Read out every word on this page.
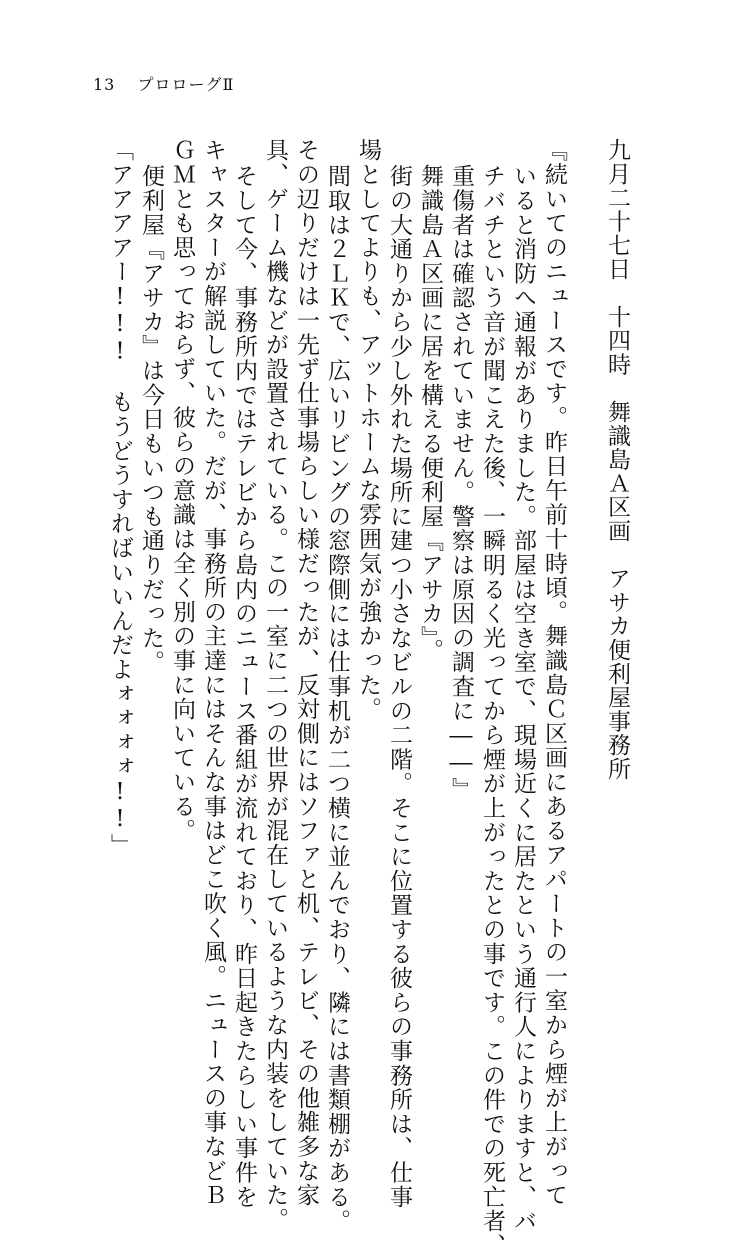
13 プロローグⅡ
九月二十七日　十四時　舞識島Ａ区画　アサカ便利屋事務所
『続いてのニュースです。昨日午前十時頃。舞識島Ｃ区画にあるアパートの一室から煙が上がって
いると消防へ通報がありました。部屋は空き室で、現場近くに居たという通行人によりますと、バ
チバチという音が聞こえた後、一瞬明るく光ってから煙が上がったとの事です。この件での死亡者、
重傷者は確認されていません。警察は原因の調査に――』
舞識島Ａ区画に居を構える便利屋『アサカ』。
街の大通りから少し外れた場所に建つ小さなビルの二階。そこに位置する彼らの事務所は、仕事
場としてよりも、アットホームな雰囲気が強かった。
間取は２ＬＫで、広いリビングの窓際側には仕事机が二つ横に並んでおり、隣には書類棚がある。
その辺りだけは一先ず仕事場らしい様だったが、反対側にはソファと机、テレビ、その他雑多な家
具、ゲーム機などが設置されている。この一室に二つの世界が混在しているような内装をしていた。
そして今、事務所内ではテレビから島内のニュース番組が流れており、昨日起きたらしい事件を
キャスターが解説していた。だが、事務所の主達にはそんな事はどこ吹く風。ニュースの事などＢ
ＧＭとも思っておらず、彼らの意識は全く別の事に向いている。
便利屋『アサカ』は今日もいつも通りだった。
「アアアアー!!!　もうどうすればいいんだよォォォォ!!」
